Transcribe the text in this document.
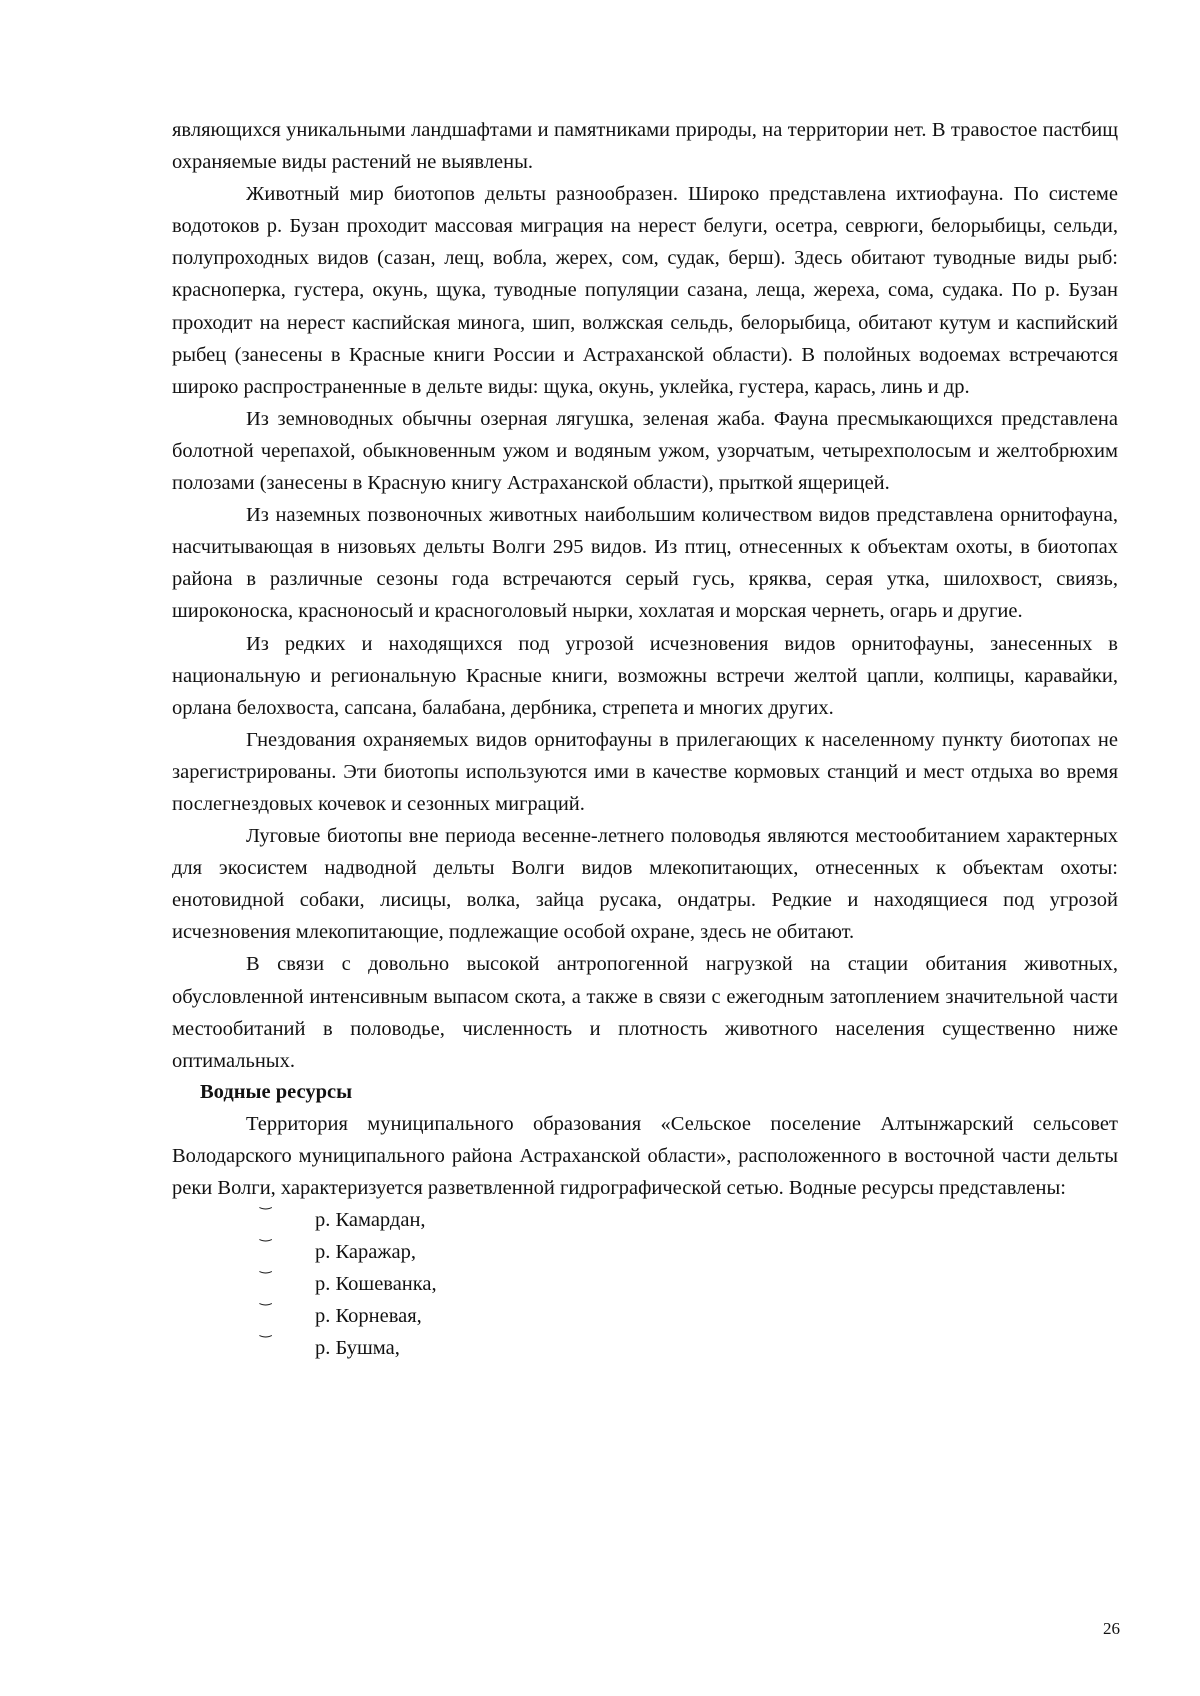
являющихся уникальными ландшафтами и памятниками природы, на территории нет. В травостое пастбищ охраняемые виды растений не выявлены.

Животный мир биотопов дельты разнообразен. Широко представлена ихтиофауна. По системе водотоков р. Бузан проходит массовая миграция на нерест белуги, осетра, севрюги, белорыбицы, сельди, полупроходных видов (сазан, лещ, вобла, жерех, сом, судак, берш). Здесь обитают туводные виды рыб: красноперка, густера, окунь, щука, туводные популяции сазана, леща, жереха, сома, судака. По р. Бузан проходит на нерест каспийская минога, шип, волжская сельдь, белорыбица, обитают кутум и каспийский рыбец (занесены в Красные книги России и Астраханской области). В полойных водоемах встречаются широко распространенные в дельте виды: щука, окунь, уклейка, густера, карась, линь и др.

Из земноводных обычны озерная лягушка, зеленая жаба. Фауна пресмыкающихся представлена болотной черепахой, обыкновенным ужом и водяным ужом, узорчатым, четырехполосым и желтобрюхим полозами (занесены в Красную книгу Астраханской области), прыткой ящерицей.

Из наземных позвоночных животных наибольшим количеством видов представлена орнитофауна, насчитывающая в низовьях дельты Волги 295 видов. Из птиц, отнесенных к объектам охоты, в биотопах района в различные сезоны года встречаются серый гусь, кряква, серая утка, шилохвост, свиязь, широконоска, красноносый и красноголовый нырки, хохлатая и морская чернеть, огарь и другие.

Из редких и находящихся под угрозой исчезновения видов орнитофауны, занесенных в национальную и региональную Красные книги, возможны встречи желтой цапли, колпицы, каравайки, орлана белохвоста, сапсана, балабана, дербника, стрепета и многих других.

Гнездования охраняемых видов орнитофауны в прилегающих к населенному пункту биотопах не зарегистрированы. Эти биотопы используются ими в качестве кормовых станций и мест отдыха во время послегнездовых кочевок и сезонных миграций.

Луговые биотопы вне периода весенне-летнего половодья являются местообитанием характерных для экосистем надводной дельты Волги видов млекопитающих, отнесенных к объектам охоты: енотовидной собаки, лисицы, волка, зайца русака, ондатры. Редкие и находящиеся под угрозой исчезновения млекопитающие, подлежащие особой охране, здесь не обитают.

В связи с довольно высокой антропогенной нагрузкой на стации обитания животных, обусловленной интенсивным выпасом скота, а также в связи с ежегодным затоплением значительной части местообитаний в половодье, численность и плотность животного населения существенно ниже оптимальных.

Водные ресурсы

Территория муниципального образования «Сельское поселение Алтынжарский сельсовет Володарского муниципального района Астраханской области», расположенного в восточной части дельты реки Волги, характеризуется разветвленной гидрографической сетью. Водные ресурсы представлены:

‿
р. Камардан,
‿
р. Каражар,
‿
р. Кошеванка,
‿
р. Корневая,
‿
р. Бушма,
26
